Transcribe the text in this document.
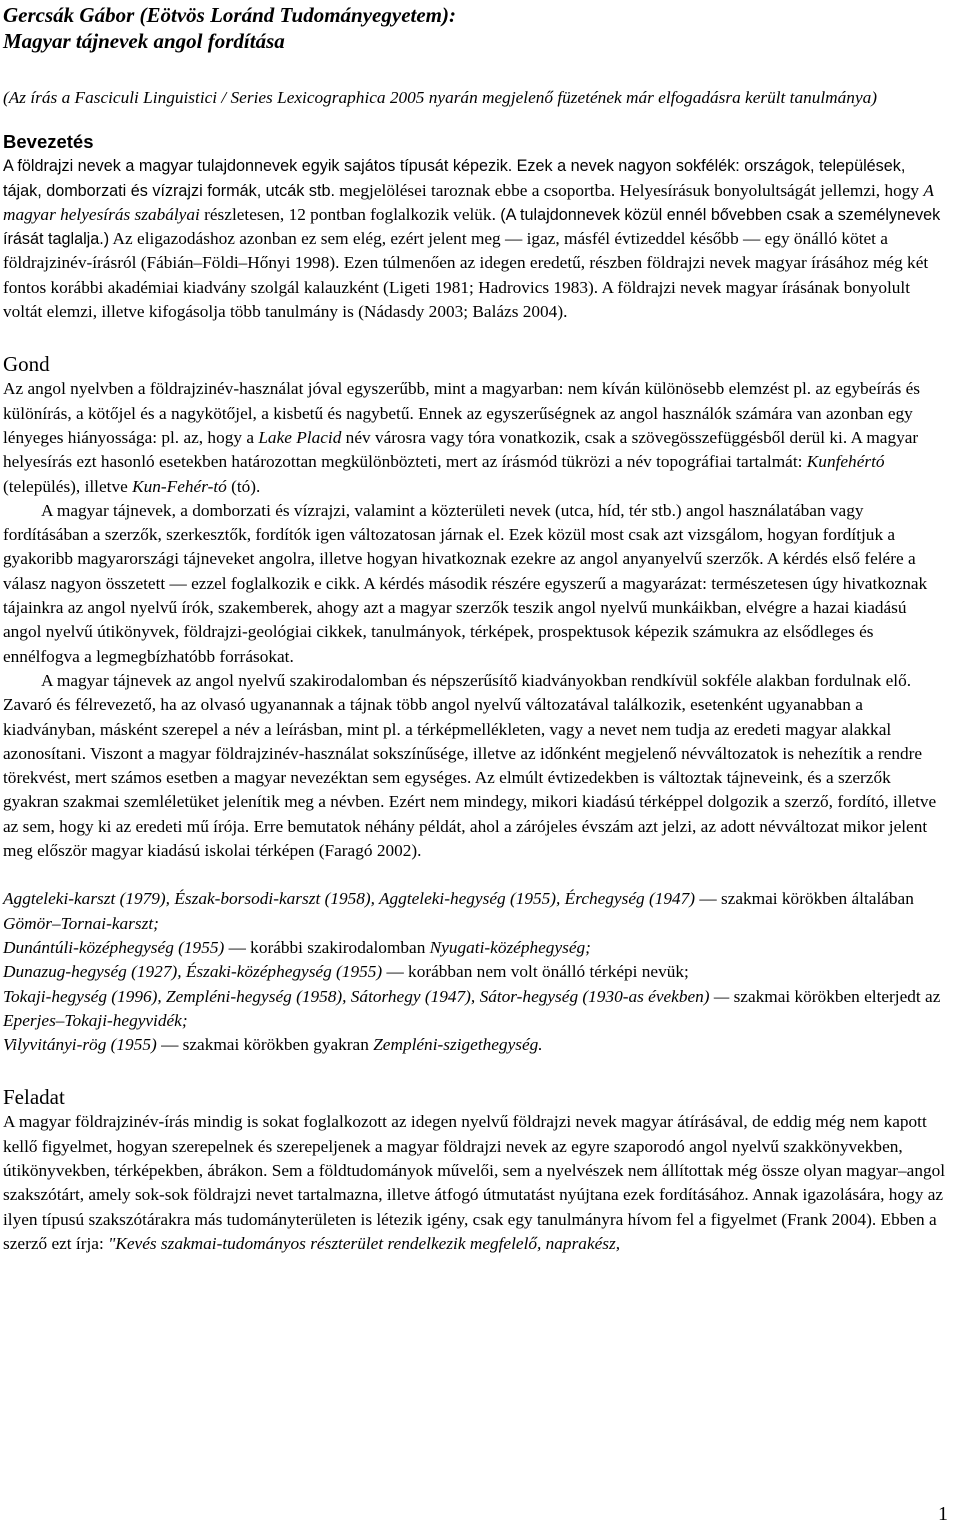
Gercsák Gábor (Eötvös Loránd Tudományegyetem):
Magyar tájnevek angol fordítása

(Az írás a Fasciculi Linguistici / Series Lexicographica 2005 nyarán megjelenő füzetének már elfogadásra került tanulmánya)

Bevezetés

A földrajzi nevek a magyar tulajdonnevek egyik sajátos típusát képezik. Ezek a nevek nagyon sokfélék: országok, települések, tájak, domborzati és vízrajzi formák, utcák stb. megjelölései taroznak ebbe a csoportba. Helyesírásuk bonyolultságát jellemzi, hogy A magyar helyesírás szabályai részletesen, 12 pontban foglalkozik velük. (A tulajdonnevek közül ennél bővebben csak a személynevek írását taglalja.) Az eligazodáshoz azonban ez sem elég, ezért jelent meg — igaz, másfél évtizeddel később — egy önálló kötet a földrajzinév-írásról (Fábián–Földi–Hőnyi 1998). Ezen túlmenően az idegen eredetű, részben földrajzi nevek magyar írásához még két fontos korábbi akadémiai kiadvány szolgál kalauzként (Ligeti 1981; Hadrovics 1983). A földrajzi nevek magyar írásának bonyolult voltát elemzi, illetve kifogásolja több tanulmány is (Nádasdy 2003; Balázs 2004).

Gond

Az angol nyelvben a földrajzinév-használat jóval egyszerűbb, mint a magyarban: nem kíván különösebb elemzést pl. az egybeírás és különírás, a kötőjel és a nagykötőjel, a kisbetű és nagybetű. Ennek az egyszerűségnek az angol használók számára van azonban egy lényeges hiányossága: pl. az, hogy a Lake Placid név városra vagy tóra vonatkozik, csak a szövegösszefüggésből derül ki. A magyar helyesírás ezt hasonló esetekben határozottan megkülönbözteti, mert az írásmód tükrözi a név topográfiai tartalmát: Kunfehértó (település), illetve Kun-Fehér-tó (tó).

A magyar tájnevek, a domborzati és vízrajzi, valamint a közterületi nevek (utca, híd, tér stb.) angol használatában vagy fordításában a szerzők, szerkesztők, fordítók igen változatosan járnak el. Ezek közül most csak azt vizsgálom, hogyan fordítjuk a gyakoribb magyarországi tájneveket angolra, illetve hogyan hivatkoznak ezekre az angol anyanyelvű szerzők. A kérdés első felére a válasz nagyon összetett — ezzel foglalkozik e cikk. A kérdés második részére egyszerű a magyarázat: természetesen úgy hivatkoznak tájainkra az angol nyelvű írók, szakemberek, ahogy azt a magyar szerzők teszik angol nyelvű munkáikban, elvégre a hazai kiadású angol nyelvű útikönyvek, földrajzi-geológiai cikkek, tanulmányok, térképek, prospektusok képezik számukra az elsődleges és ennélfogva a legmegbízhatóbb forrásokat.

A magyar tájnevek az angol nyelvű szakirodalomban és népszerűsítő kiadványokban rendkívül sokféle alakban fordulnak elő. Zavaró és félrevezető, ha az olvasó ugyanannak a tájnak több angol nyelvű változatával találkozik, esetenként ugyanabban a kiadványban, másként szerepel a név a leírásban, mint pl. a térképmellékleten, vagy a nevet nem tudja az eredeti magyar alakkal azonosítani. Viszont a magyar földrajzinév-használat sokszínűsége, illetve az időnként megjelenő névváltozatok is nehezítik a rendre törekvést, mert számos esetben a magyar nevezéktan sem egységes. Az elmúlt évtizedekben is változtak tájneveink, és a szerzők gyakran szakmai szemléletüket jelenítik meg a névben. Ezért nem mindegy, mikori kiadású térképpel dolgozik a szerző, fordító, illetve az sem, hogy ki az eredeti mű írója. Erre bemutatok néhány példát, ahol a zárójeles évszám azt jelzi, az adott névváltozat mikor jelent meg először magyar kiadású iskolai térképen (Faragó 2002).

Aggteleki-karszt (1979), Észak-borsodi-karszt (1958), Aggteleki-hegység (1955), Érchegység (1947) — szakmai körökben általában Gömör–Tornai-karszt;

Dunántúli-középhegység (1955) — korábbi szakirodalomban Nyugati-középhegység;

Dunazug-hegység (1927), Északi-középhegység (1955) — korábban nem volt önálló térképi nevük;

Tokaji-hegység (1996), Zempléni-hegység (1958), Sátorhegy (1947), Sátor-hegység (1930-as években) — szakmai körökben elterjedt az Eperjes–Tokaji-hegyvidék;

Vilyvitányi-rög (1955) — szakmai körökben gyakran Zempléni-szigethegység.

Feladat

A magyar földrajzinév-írás mindig is sokat foglalkozott az idegen nyelvű földrajzi nevek magyar átírásával, de eddig még nem kapott kellő figyelmet, hogyan szerepelnek és szerepeljenek a magyar földrajzi nevek az egyre szaporodó angol nyelvű szakkönyvekben, útikönyvekben, térképekben, ábrákon. Sem a földtudományok művelői, sem a nyelvészek nem állítottak még össze olyan magyar–angol szakszótárt, amely sok-sok földrajzi nevet tartalmazna, illetve átfogó útmutatást nyújtana ezek fordításához. Annak igazolására, hogy az ilyen típusú szakszótárakra más tudományterületen is létezik igény, csak egy tanulmányra hívom fel a figyelmet (Frank 2004). Ebben a szerző ezt írja: "Kevés szakmai-tudományos részterület rendelkezik megfelelő, naprakész,

1
